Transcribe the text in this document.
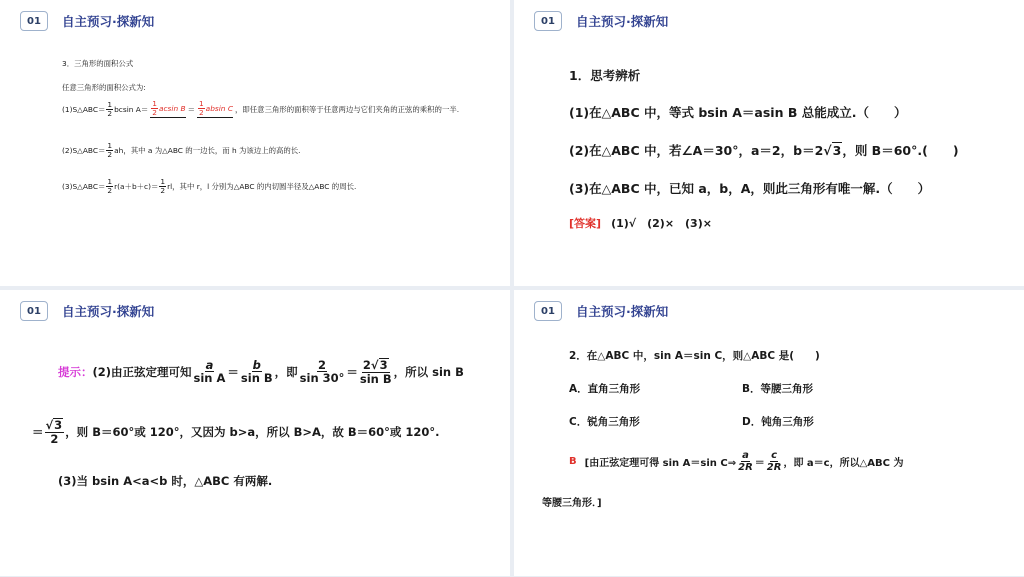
01	自主预习·探新知
3．三角形的面积公式
任意三角形的面积公式为:
(1)S△ABC＝ $\frac{1}{2}$ bcsin $A= \frac{1}{2}$ acsin $B = \frac{1}{2}$ absin C ，即任意三角形的面积等于任意两边与它们夹角的正弦的乘积的一半.
(2)S△ABC＝ $\frac{1}{2}$ ah，其中 a 为△ABC 的一边长，而 h 为该边上的高的长.
(3)S△ABC＝ $\frac{1}{2} r(a+b+c)= \frac{1}{2}$ rl，其中 r，l 分别为△ABC 的内切圆半径及△ABC 的周长.
01	自主预习·探新知
1．思考辨析
(1)在△ABC 中，等式 bsin A＝asin B 总能成立.（　　）
(2)在△ABC 中，若∠A＝30°，a＝2，b＝2 √ 3 ，则 B＝60°.(　　)
(3)在△ABC 中，已知 a，b，A，则此三角形有唯一解.（　　）
[答案] (1)√　(2)×　(3)×
01	自主预习·探新知
提示： (2)由正弦定理可知 $\frac{a}{\text{sin A}} = \frac{b}{\text{sin B}}$ ，即 $\frac{2}{\sin 30^\circ} = \frac{2√ 3}{\text{sin B}}$ ，所以 sin B
＝ $\frac{√ 3}{2}$ ，则 B＝60°或 120°，又因为 b>a，所以 B>A，故 B＝60°或 120°.
(3)当 bsin A<a<b 时，△ABC 有两解.
01	自主预习·探新知
2．在△ABC 中，sin A＝sin C，则△ABC 是(　　)
A．直角三角形	B．等腰三角形
C．锐角三角形	D．钝角三角形
B [由正弦定理可得 sin A＝sin C⇒ $\frac{a}{2R} = \frac{c}{2R}$ ，即 a＝c，所以△ABC 为
等腰三角形．]
